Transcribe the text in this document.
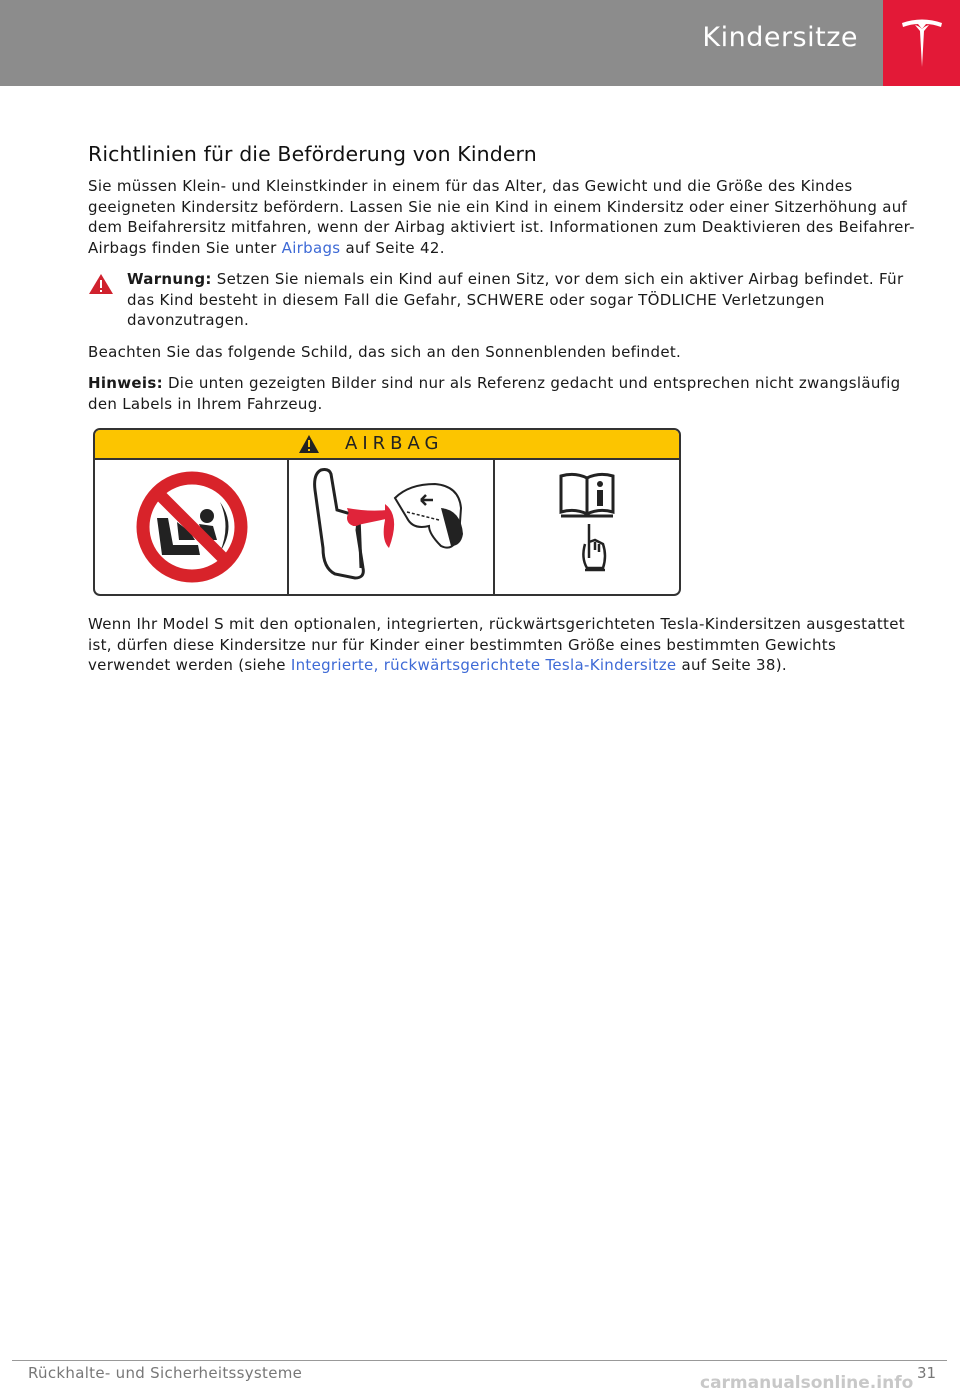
Kindersitze
Richtlinien für die Beförderung von Kindern

Sie müssen Klein- und Kleinstkinder in einem für das Alter, das Gewicht und die Größe des Kindes geeigneten Kindersitz befördern. Lassen Sie nie ein Kind in einem Kindersitz oder einer Sitzerhöhung auf dem Beifahrersitz mitfahren, wenn der Airbag aktiviert ist. Informationen zum Deaktivieren des Beifahrer-Airbags finden Sie unter Airbags auf Seite 42.

Warnung: Setzen Sie niemals ein Kind auf einen Sitz, vor dem sich ein aktiver Airbag befindet. Für das Kind besteht in diesem Fall die Gefahr, SCHWERE oder sogar TÖDLICHE Verletzungen davonzutragen.

Beachten Sie das folgende Schild, das sich an den Sonnenblenden befindet.

Hinweis: Die unten gezeigten Bilder sind nur als Referenz gedacht und entsprechen nicht zwangsläufig den Labels in Ihrem Fahrzeug.

AIRBAG

Wenn Ihr Model S mit den optionalen, integrierten, rückwärtsgerichteten Tesla-Kindersitzen ausgestattet ist, dürfen diese Kindersitze nur für Kinder einer bestimmten Größe eines bestimmten Gewichts verwendet werden (siehe Integrierte, rückwärtsgerichtete Tesla-Kindersitze auf Seite 38).

Rückhalte- und Sicherheitssysteme	31
carmanualsonline.info
